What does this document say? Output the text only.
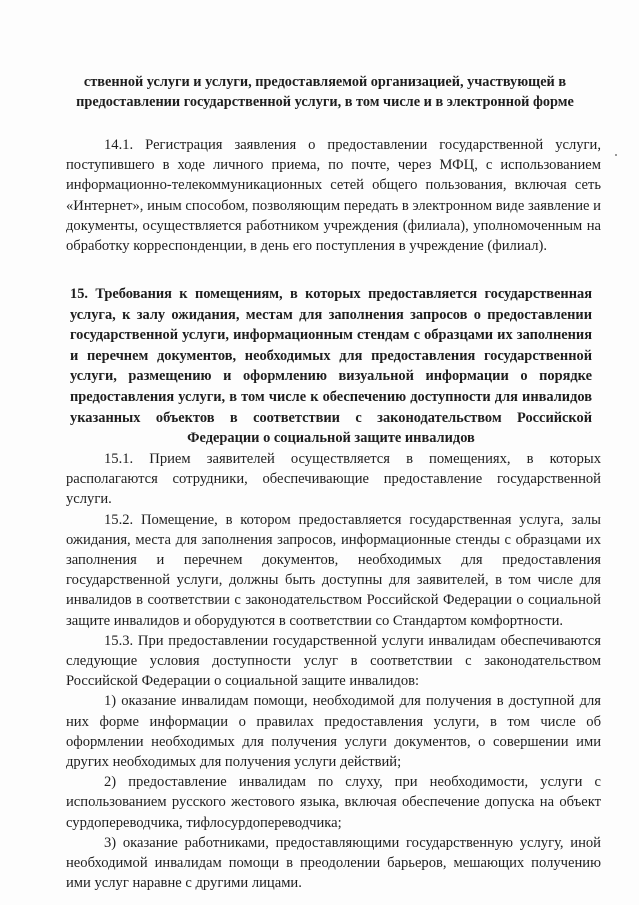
ственной услуги и услуги, предоставляемой организацией, участвующей в предоставлении государственной услуги, в том числе и в электронной форме

14.1. Регистрация заявления о предоставлении государственной услуги, поступившего в ходе личного приема, по почте, через МФЦ, с использованием информационно-телекоммуникационных сетей общего пользования, включая сеть «Интернет», иным способом, позволяющим передать в электронном виде заявление и документы, осуществляется работником учреждения (филиала), уполномоченным на обработку корреспонденции, в день его поступления в учреждение (филиал).

15. Требования к помещениям, в которых предоставляется государственная услуга, к залу ожидания, местам для заполнения запросов о предоставлении государственной услуги, информационным стендам с образцами их заполнения и перечнем документов, необходимых для предоставления государственной услуги, размещению и оформлению визуальной информации о порядке предоставления услуги, в том числе к обеспечению доступности для инвалидов указанных объектов в соответствии с законодательством Российской Федерации о социальной защите инвалидов

15.1. Прием заявителей осуществляется в помещениях, в которых располагаются сотрудники, обеспечивающие предоставление государственной услуги.

15.2. Помещение, в котором предоставляется государственная услуга, залы ожидания, места для заполнения запросов, информационные стенды с образцами их заполнения и перечнем документов, необходимых для предоставления государственной услуги, должны быть доступны для заявителей, в том числе для инвалидов в соответствии с законодательством Российской Федерации о социальной защите инвалидов и оборудуются в соответствии со Стандартом комфортности.

15.3. При предоставлении государственной услуги инвалидам обеспечиваются следующие условия доступности услуг в соответствии с законодательством Российской Федерации о социальной защите инвалидов:

1) оказание инвалидам помощи, необходимой для получения в доступной для них форме информации о правилах предоставления услуги, в том числе об оформлении необходимых для получения услуги документов, о совершении ими других необходимых для получения услуги действий;

2) предоставление инвалидам по слуху, при необходимости, услуги с использованием русского жестового языка, включая обеспечение допуска на объект сурдопереводчика, тифлосурдопереводчика;

3) оказание работниками, предоставляющими государственную услугу, иной необходимой инвалидам помощи в преодолении барьеров, мешающих получению ими услуг наравне с другими лицами.
